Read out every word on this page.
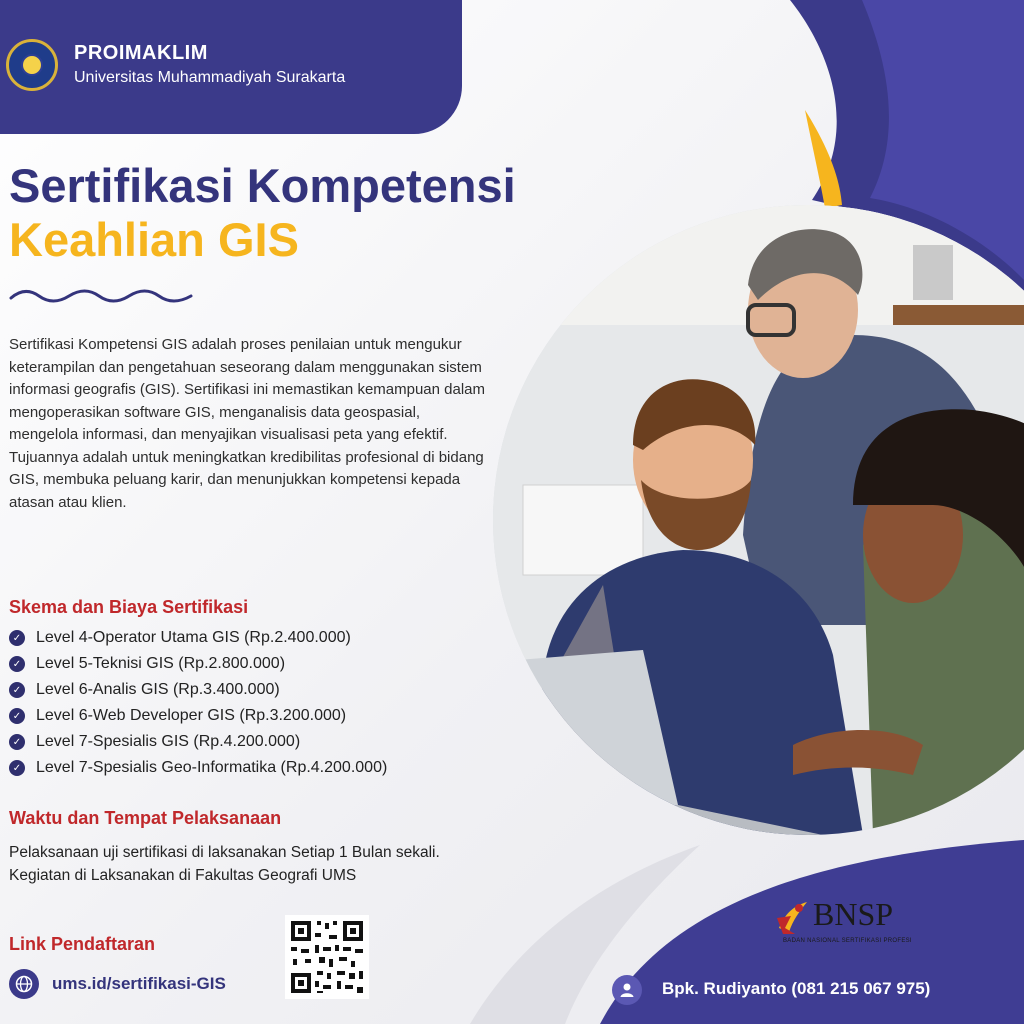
PROIMAKLIM
Universitas Muhammadiyah Surakarta
Sertifikasi Kompetensi
Keahlian GIS
Sertifikasi Kompetensi GIS adalah proses penilaian untuk mengukur keterampilan dan pengetahuan seseorang dalam menggunakan sistem informasi geografis (GIS). Sertifikasi ini memastikan kemampuan dalam mengoperasikan software GIS, menganalisis data geospasial, mengelola informasi, dan menyajikan visualisasi peta yang efektif. Tujuannya adalah untuk meningkatkan kredibilitas profesional di bidang GIS, membuka peluang karir, dan menunjukkan kompetensi kepada atasan atau klien.
Skema dan Biaya Sertifikasi
✓ Level 4-Operator Utama GIS (Rp.2.400.000)
✓ Level 5-Teknisi GIS (Rp.2.800.000)
✓ Level 6-Analis GIS (Rp.3.400.000)
✓ Level 6-Web Developer GIS (Rp.3.200.000)
✓ Level 7-Spesialis GIS (Rp.4.200.000)
✓ Level 7-Spesialis Geo-Informatika (Rp.4.200.000)
Waktu dan Tempat Pelaksanaan
Pelaksanaan uji sertifikasi di laksanakan Setiap 1 Bulan sekali. Kegiatan di Laksanakan di Fakultas Geografi UMS
Link Pendaftaran
ums.id/sertifikasi-GIS
BNSP
BADAN NASIONAL SERTIFIKASI PROFESI
Bpk. Rudiyanto (081 215 067 975)
